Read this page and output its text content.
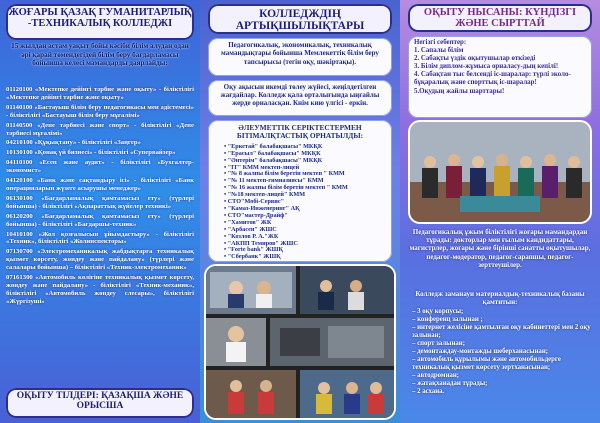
ЖОҒАРЫ ҚАЗАҚ ГУМАНИТАРЛЫҚ -ТЕХНИКАЛЫҚ КОЛЛЕДЖІ
15 жылдан астам уақыт бойы кәсіби білім алудан одан әрі қарай төмендегідей білім беру бағдарламасы бойынша келесі мамандарды даярлайды:
01120100 «Мектепке дейінгі тәрбие және оқыту» - біліктілігі «Мектепке дейінгі тәрбие және оқыту»
01140100 «Бастауыш білім беру педагогикасы мен әдістемесі» - біліктілігі «Бастауыш білім беру мұғалімі»
01140500 «Дене тәрбиесі және спорт» - біліктілігі «Дене тәрбиесі мұғалімі»
04210100 «Құқықтану» - біліктілігі «Заңгер»
10130100 «Қонақ үй бизнесі» - біліктілігі «Супервайзер»
04110100 «Есеп және аудит» - біліктілігі «Бухгалтер-экономист»
04120100 «Банк және сақтандыру ісі» - біліктілігі «Банк операцияларын жүзеге асырушы менеджер»
06130100 «Бағдарламалық қамтамасыз ету» (түрлері бойынша) - біліктілігі «Ақпараттық жүйелер техникі»
06120200 «Бағдарламалық қамтамасыз ету» (түрлері бойынша) - біліктілігі «Бағдаршы-техник»
10410100 «Жол қозғалысын ұйымдастыру» - біліктілігі «Техник», біліктілігі «Жолинспекторы»
07130700 «Электромеханикалық жабдықтарға техникалық қызмет көрсету, жөндеу және пайдалану» (түрлері және салалары бойынша) – біліктілігі «Техник-электромеханик»
07161300 «Автомобиль көлігіне техникалық қызмет көрсету, жөндеу және пайдалану» - біліктілігі «Техник-механик», біліктілігі «Автомобиль жөндеу слесары», біліктілігі «Жүргізуші»
ОҚЫТУ ТІЛДЕРІ: ҚАЗАҚША ЖӘНЕ ОРЫСША
КОЛЛЕДЖДІҢ АРТЫҚШЫЛЫҚТАРЫ
Педагогикалық, экономикалық, техникалық мамандықтары бойынша Мемлекеттік білім беру тапсырысы (тегін оқу, шәкіртақы).
Оқу ақысын икемді төлеу жүйесі, жеңілдетілген жағдайлар. Колледж қала орталығында ыңғайлы жерде орналасқан. Кнім кию үлгісі - еркін.
ӘЛЕУМЕТТІК СЕРІКТЕСТЕРМЕН БІТІМАЛҚТАСТЫҚ ОРНАТЫЛДЫ:
• "Еркетай" балабақшасы" МКҚК
• "Ерасыл" балабақшасы" МКҚК
• "Әнтерім" балабақшасы" МКҚК
• "IT" КММ мектеп-лицей
• "№ 8 жалпы білім беретін мектеп " КММ
• "№ 11 мектеп-гимназиясы" КММ
• "№ 16 жалпы білім беретін мектеп " КММ
• "№18 мектеп-лицей" КММ
• СТО"Мобі-Сервис"
• "Камаз-Инженеринг" АҚ
• СТО"мастер-Драйф"
• "Хамитов" ЖК
• "Арбасен" ЖШС
• "Козлов Р. А."ЖК
• "АКПП Темиров" ЖШС
• "Forte bank" ЖШҚ
• "Сбербанк" ЖШҚ
ОҚЫТУ НЫСАНЫ: КҮНДІЗГІ ЖӘНЕ СЫРТТАЙ
Негізгі себептер:
1. Сапалы білім
2. Сабақты үздік оқытушылар өткізеді
3. Білім диплом-жұмыса орналасу-дың кепілі!
4. Сабақтан тыс белсенді іс-шаралар: түрлі эколо-бұқаралық және спорттық іс-шаралар!
5.Оқудың жайлы шарттары!
Педагогикалық ұжым біліктілігі жоғары мамандардан тұрады: докторлар мен ғылым кандидаттары, магистрлер, жоғары және бірінші санатты оқытушылар, педагог-модератор, педагог-сарапшы, педагог-зерттеушілер.
Колледж заманауи материалдық-техникалық базаны қамтитын:
– 3 оқу корпусы;
– конференц залынан ;
– интернет желісіне қамтылған оқу кабинеттері мен 2 оқу залынан;
– спорт залынан;
– демонтаждау-монтажды шеберханасынан;
– автомобиль құрылымы және автомобильдерге техникалық қызмет көрсету зертханасынан;
– автодромнан;
– жатақханадан тұрады;
– 2 асхана.
